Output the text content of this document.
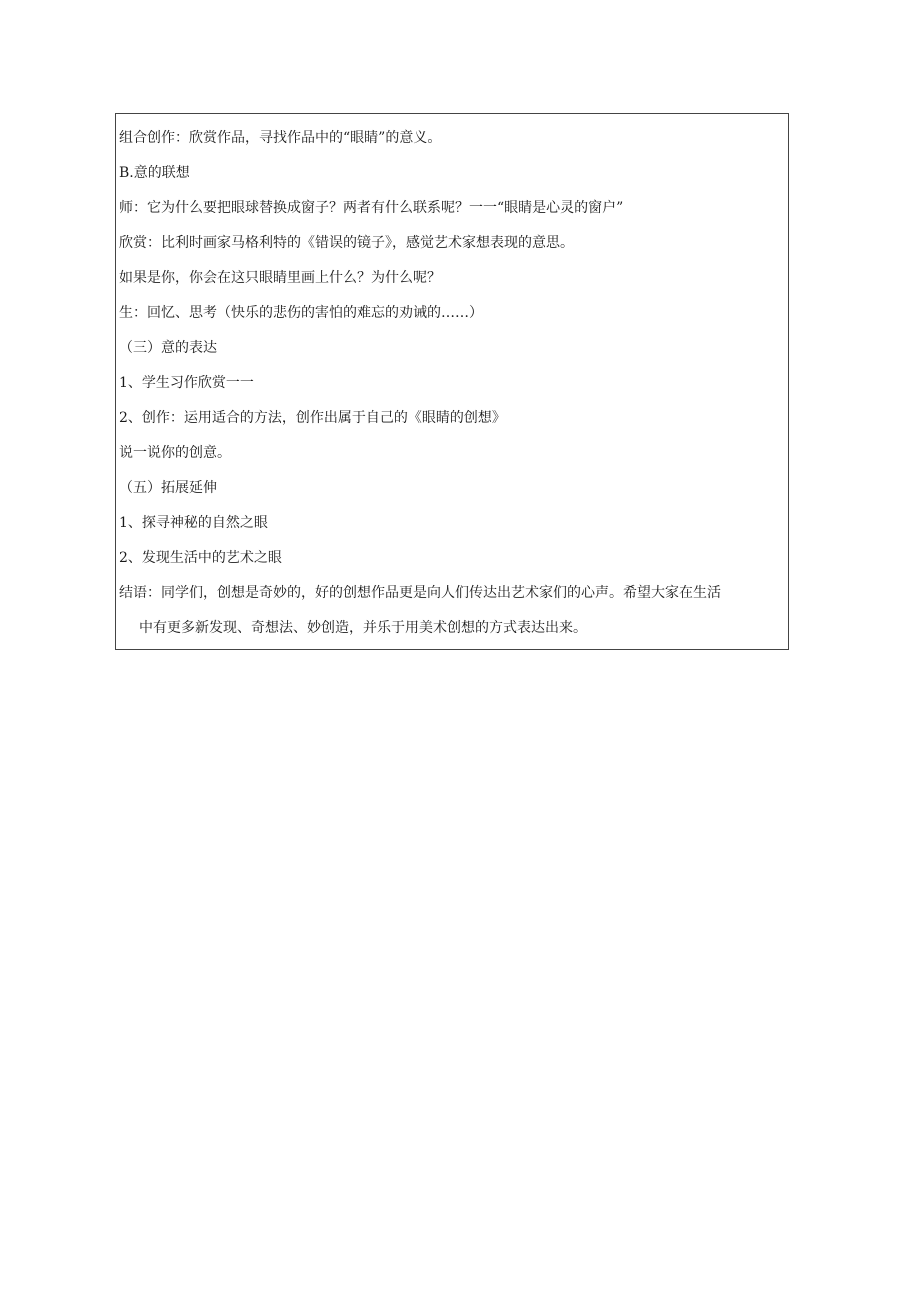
组合创作：欣赏作品，寻找作品中的“眼睛”的意义。
B.意的联想
师：它为什么要把眼球替换成窗子？两者有什么联系呢？一一“眼睛是心灵的窗户”
欣赏：比利时画家马格利特的《错误的镜子》，感觉艺术家想表现的意思。
如果是你，你会在这只眼睛里画上什么？为什么呢？
生：回忆、思考（快乐的悲伤的害怕的难忘的劝诫的……）
（三）意的表达
1、学生习作欣赏一一
2、创作：运用适合的方法，创作出属于自己的《眼睛的创想》
说一说你的创意。
（五）拓展延伸
1、探寻神秘的自然之眼
2、发现生活中的艺术之眼
结语：同学们，创想是奇妙的，好的创想作品更是向人们传达出艺术家们的心声。希望大家在生活
中有更多新发现、奇想法、妙创造，并乐于用美术创想的方式表达出来。
